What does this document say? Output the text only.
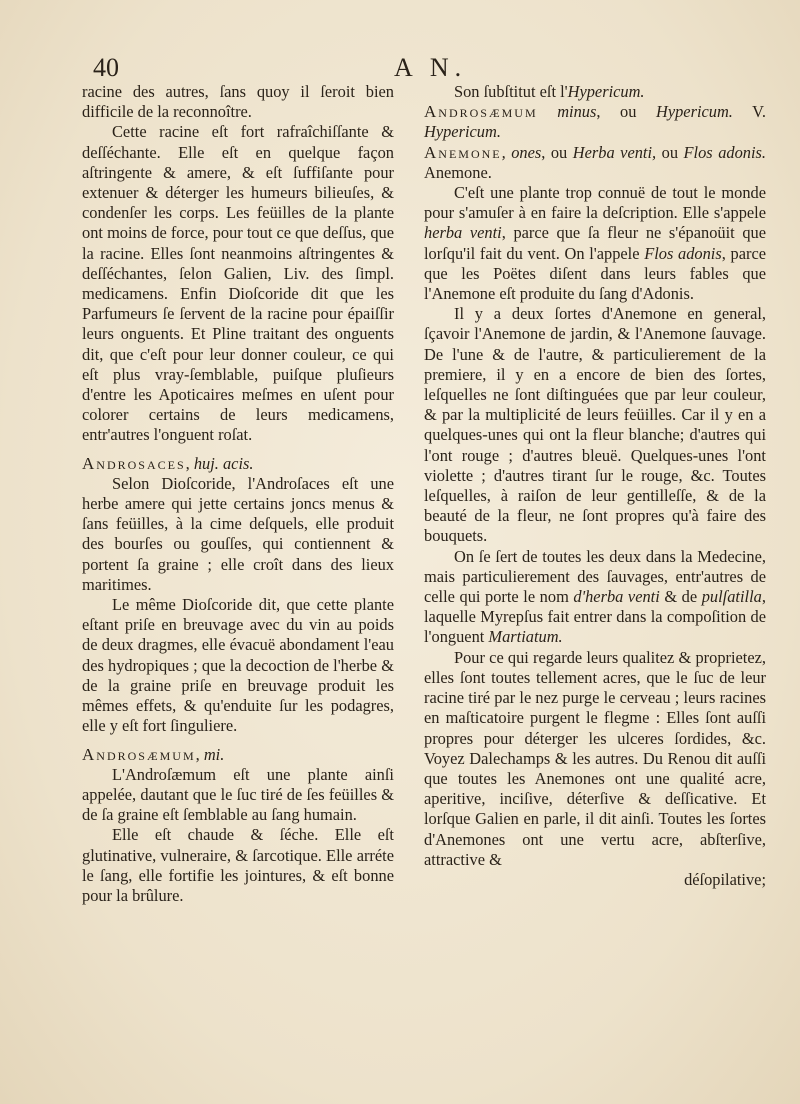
40	A N.

racine des autres, ſans quoy il ſeroit bien difficile de la reconnoître.

Cette racine eſt fort rafraîchiſſante & deſſéchante. Elle eſt en quelque façon aſtringente & amere, & eſt ſuffiſante pour extenuer & déterger les humeurs bilieuſes, & condenſer les corps. Les feüilles de la plante ont moins de force, pour tout ce que deſſus, que la racine. Elles ſont neanmoins aſtringentes & deſſéchantes, ſelon Galien, Liv. des ſimpl. medicamens. Enfin Dioſcoride dit que les Parfumeurs ſe ſervent de la racine pour épaiſſir leurs onguents. Et Pline traitant des onguents dit, que c'eſt pour leur donner couleur, ce qui eſt plus vray-ſemblable, puiſque pluſieurs d'entre les Apoticaires meſmes en uſent pour colorer certains de leurs medicamens, entr'autres l'onguent roſat.

Androsaces, huj. acis.

Selon Dioſcoride, l'Androſaces eſt une herbe amere qui jette certains joncs menus & ſans feüilles, à la cime deſquels, elle produit des bourſes ou gouſſes, qui contiennent & portent ſa graine ; elle croît dans des lieux maritimes.

Le même Dioſcoride dit, que cette plante eſtant priſe en breuvage avec du vin au poids de deux dragmes, elle évacuë abondament l'eau des hydropiques ; que la decoction de l'herbe & de la graine priſe en breuvage produit les mêmes effets, & qu'enduite ſur les podagres, elle y eſt fort ſinguliere.

Androsæmum, mi.

L'Androſæmum eſt une plante ainſi appelée, dautant que le ſuc tiré de ſes feüilles & de ſa graine eſt ſemblable au ſang humain.

Elle eſt chaude & ſéche. Elle eſt glutinative, vulneraire, & ſarcotique. Elle arréte le ſang, elle fortifie les jointures, & eſt bonne pour la brûlure.

Son ſubſtitut eſt l'Hypericum.

Androsæmum minus, ou Hypericum. V. Hypericum.

Anemone, ones, ou Herba venti, ou Flos adonis. Anemone.

C'eſt une plante trop connuë de tout le monde pour s'amuſer à en faire la deſcription. Elle s'appele herba venti, parce que ſa fleur ne s'épanoüit que lorſqu'il fait du vent. On l'appele Flos adonis, parce que les Poëtes diſent dans leurs fables que l'Anemone eſt produite du ſang d'Adonis.

Il y a deux ſortes d'Anemone en general, ſçavoir l'Anemone de jardin, & l'Anemone ſauvage. De l'une & de l'autre, & particulierement de la premiere, il y en a encore de bien des ſortes, leſquelles ne ſont diſtinguées que par leur couleur, & par la multiplicité de leurs feüilles. Car il y en a quelques-unes qui ont la fleur blanche; d'autres qui l'ont rouge ; d'autres bleuë. Quelques-unes l'ont violette ; d'autres tirant ſur le rouge, &c. Toutes leſquelles, à raiſon de leur gentilleſſe, & de la beauté de la fleur, ne ſont propres qu'à faire des bouquets.

On ſe ſert de toutes les deux dans la Medecine, mais particulierement des ſauvages, entr'autres de celle qui porte le nom d'herba venti & de pulſatilla, laquelle Myrepſus fait entrer dans la compoſition de l'onguent Martiatum.

Pour ce qui regarde leurs qualitez & proprietez, elles ſont toutes tellement acres, que le ſuc de leur racine tiré par le nez purge le cerveau ; leurs racines en maſticatoire purgent le flegme : Elles ſont auſſi propres pour déterger les ulceres ſordides, &c. Voyez Dalechamps & les autres. Du Renou dit auſſi que toutes les Anemones ont une qualité acre, aperitive, inciſive, déterſive & deſſicative. Et lorſque Galien en parle, il dit ainſi. Toutes les ſortes d'Anemones ont une vertu acre, abſterſive, attractive &

déſopilative;
